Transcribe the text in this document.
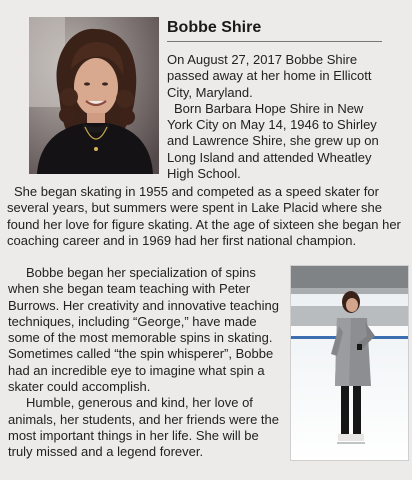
Bobbe Shire

On August 27, 2017 Bobbe Shire passed away at her home in Ellicott City, Maryland.

Born Barbara Hope Shire in New York City on May 14, 1946 to Shirley and Lawrence Shire, she grew up on Long Island and attended Wheatley High School.

She began skating in 1955 and competed as a speed skater for several years, but summers were spent in Lake Placid where she found her love for figure skating. At the age of sixteen she began her coaching career and in 1969 had her first national champion.

Bobbe began her specialization of spins when she began team teaching with Peter Burrows. Her creativity and innovative teaching techniques, including “George,” have made some of the most memorable spins in skating. Sometimes called “the spin whisperer”, Bobbe had an incredible eye to imagine what spin a skater could accomplish.

Humble, generous and kind, her love of animals, her students, and her friends were the most important things in her life. She will be truly missed and a legend forever.
